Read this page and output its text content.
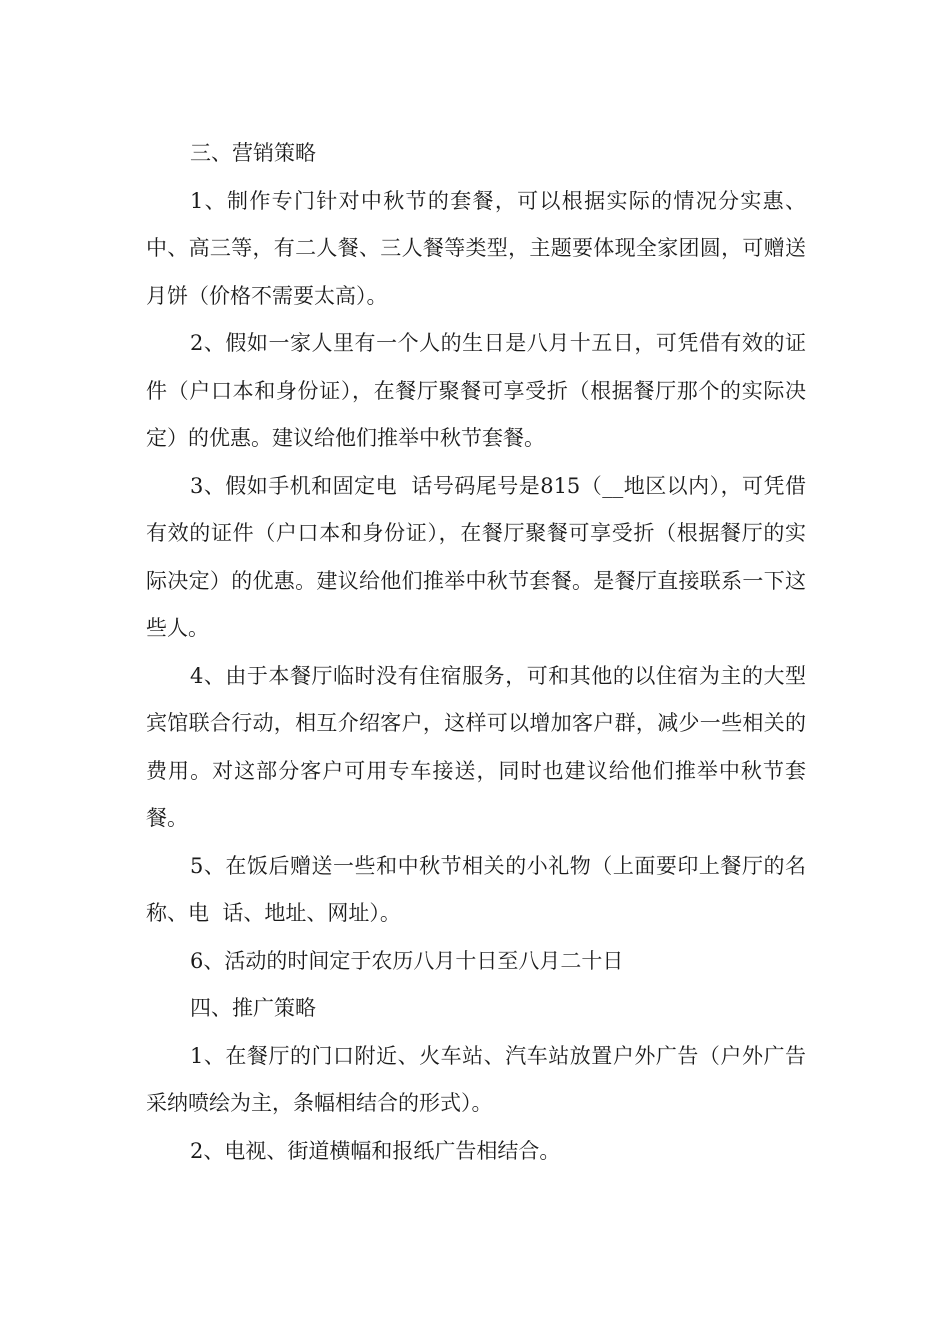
三、营销策略

1、制作专门针对中秋节的套餐，可以根据实际的情况分实惠、中、高三等，有二人餐、三人餐等类型，主题要体现全家团圆，可赠送月饼（价格不需要太高）。

2、假如一家人里有一个人的生日是八月十五日，可凭借有效的证件（户口本和身份证），在餐厅聚餐可享受折（根据餐厅那个的实际决定）的优惠。建议给他们推举中秋节套餐。

3、假如手机和固定电  话号码尾号是815（__地区以内），可凭借有效的证件（户口本和身份证），在餐厅聚餐可享受折（根据餐厅的实际决定）的优惠。建议给他们推举中秋节套餐。是餐厅直接联系一下这些人。

4、由于本餐厅临时没有住宿服务，可和其他的以住宿为主的大型宾馆联合行动，相互介绍客户，这样可以增加客户群，减少一些相关的费用。对这部分客户可用专车接送，同时也建议给他们推举中秋节套餐。

5、在饭后赠送一些和中秋节相关的小礼物（上面要印上餐厅的名称、电  话、地址、网址）。

6、活动的时间定于农历八月十日至八月二十日

四、推广策略

1、在餐厅的门口附近、火车站、汽车站放置户外广告（户外广告采纳喷绘为主，条幅相结合的形式）。

2、电视、街道横幅和报纸广告相结合。
